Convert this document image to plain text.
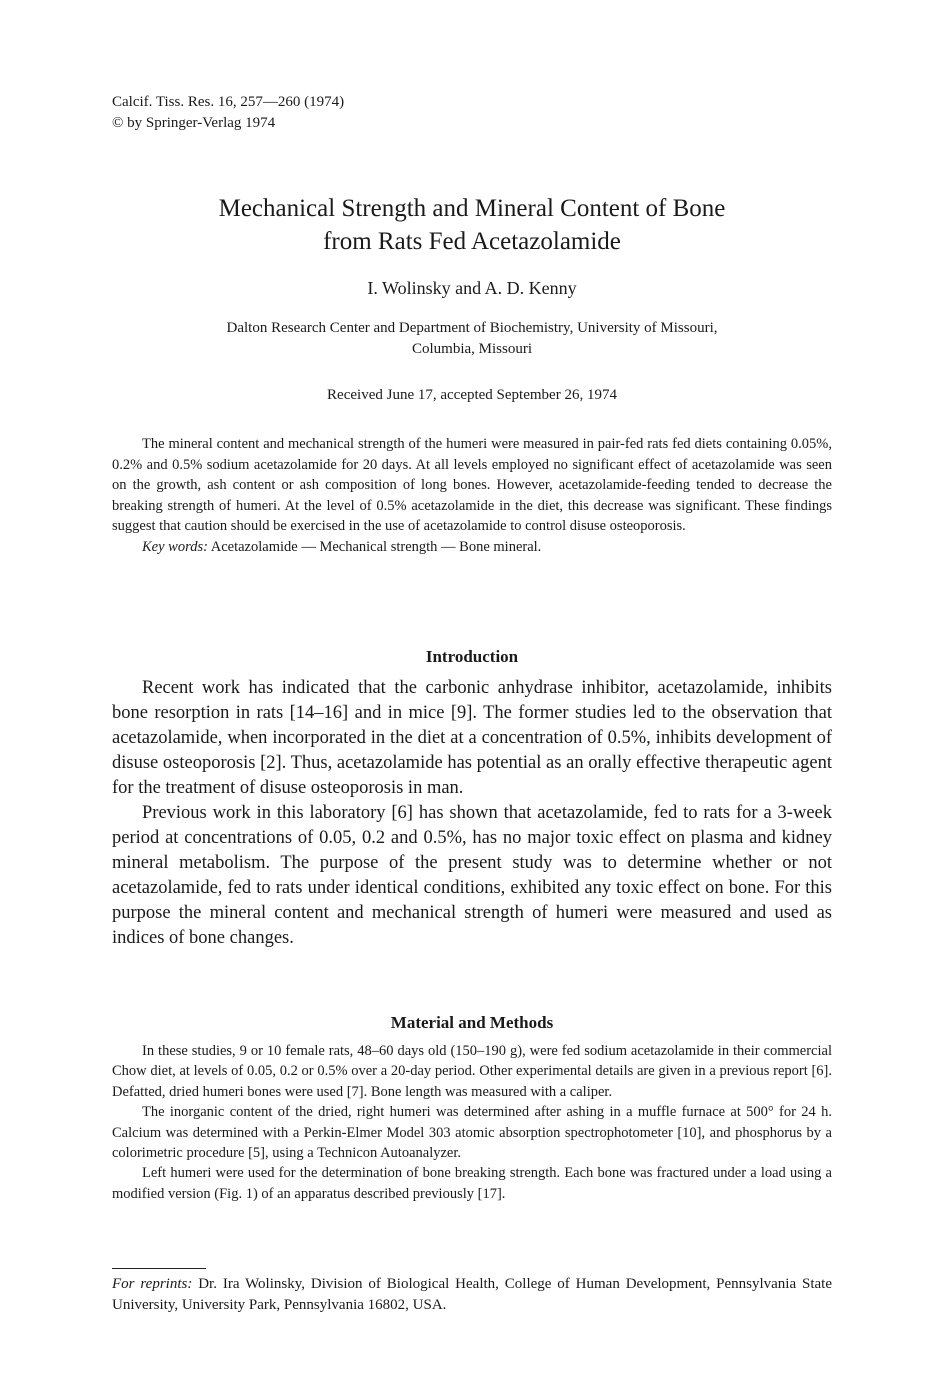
Calcif. Tiss. Res. 16, 257—260 (1974)
© by Springer-Verlag 1974
Mechanical Strength and Mineral Content of Bone
from Rats Fed Acetazolamide
I. Wolinsky and A. D. Kenny
Dalton Research Center and Department of Biochemistry, University of Missouri,
Columbia, Missouri
Received June 17, accepted September 26, 1974

The mineral content and mechanical strength of the humeri were measured in pair-fed rats fed diets containing 0.05%, 0.2% and 0.5% sodium acetazolamide for 20 days. At all levels employed no significant effect of acetazolamide was seen on the growth, ash content or ash composition of long bones. However, acetazolamide-feeding tended to decrease the breaking strength of humeri. At the level of 0.5% acetazolamide in the diet, this decrease was significant. These findings suggest that caution should be exercised in the use of acetazolamide to control disuse osteoporosis.

Key words: Acetazolamide — Mechanical strength — Bone mineral.

Introduction

Recent work has indicated that the carbonic anhydrase inhibitor, acetazolamide, inhibits bone resorption in rats [14–16] and in mice [9]. The former studies led to the observation that acetazolamide, when incorporated in the diet at a concentration of 0.5%, inhibits development of disuse osteoporosis [2]. Thus, acetazolamide has potential as an orally effective therapeutic agent for the treatment of disuse osteoporosis in man.

Previous work in this laboratory [6] has shown that acetazolamide, fed to rats for a 3-week period at concentrations of 0.05, 0.2 and 0.5%, has no major toxic effect on plasma and kidney mineral metabolism. The purpose of the present study was to determine whether or not acetazolamide, fed to rats under identical conditions, exhibited any toxic effect on bone. For this purpose the mineral content and mechanical strength of humeri were measured and used as indices of bone changes.

Material and Methods

In these studies, 9 or 10 female rats, 48–60 days old (150–190 g), were fed sodium acetazolamide in their commercial Chow diet, at levels of 0.05, 0.2 or 0.5% over a 20-day period. Other experimental details are given in a previous report [6]. Defatted, dried humeri bones were used [7]. Bone length was measured with a caliper.

The inorganic content of the dried, right humeri was determined after ashing in a muffle furnace at 500° for 24 h. Calcium was determined with a Perkin-Elmer Model 303 atomic absorption spectrophotometer [10], and phosphorus by a colorimetric procedure [5], using a Technicon Autoanalyzer.

Left humeri were used for the determination of bone breaking strength. Each bone was fractured under a load using a modified version (Fig. 1) of an apparatus described previously [17].

For reprints: Dr. Ira Wolinsky, Division of Biological Health, College of Human Development, Pennsylvania State University, University Park, Pennsylvania 16802, USA.
